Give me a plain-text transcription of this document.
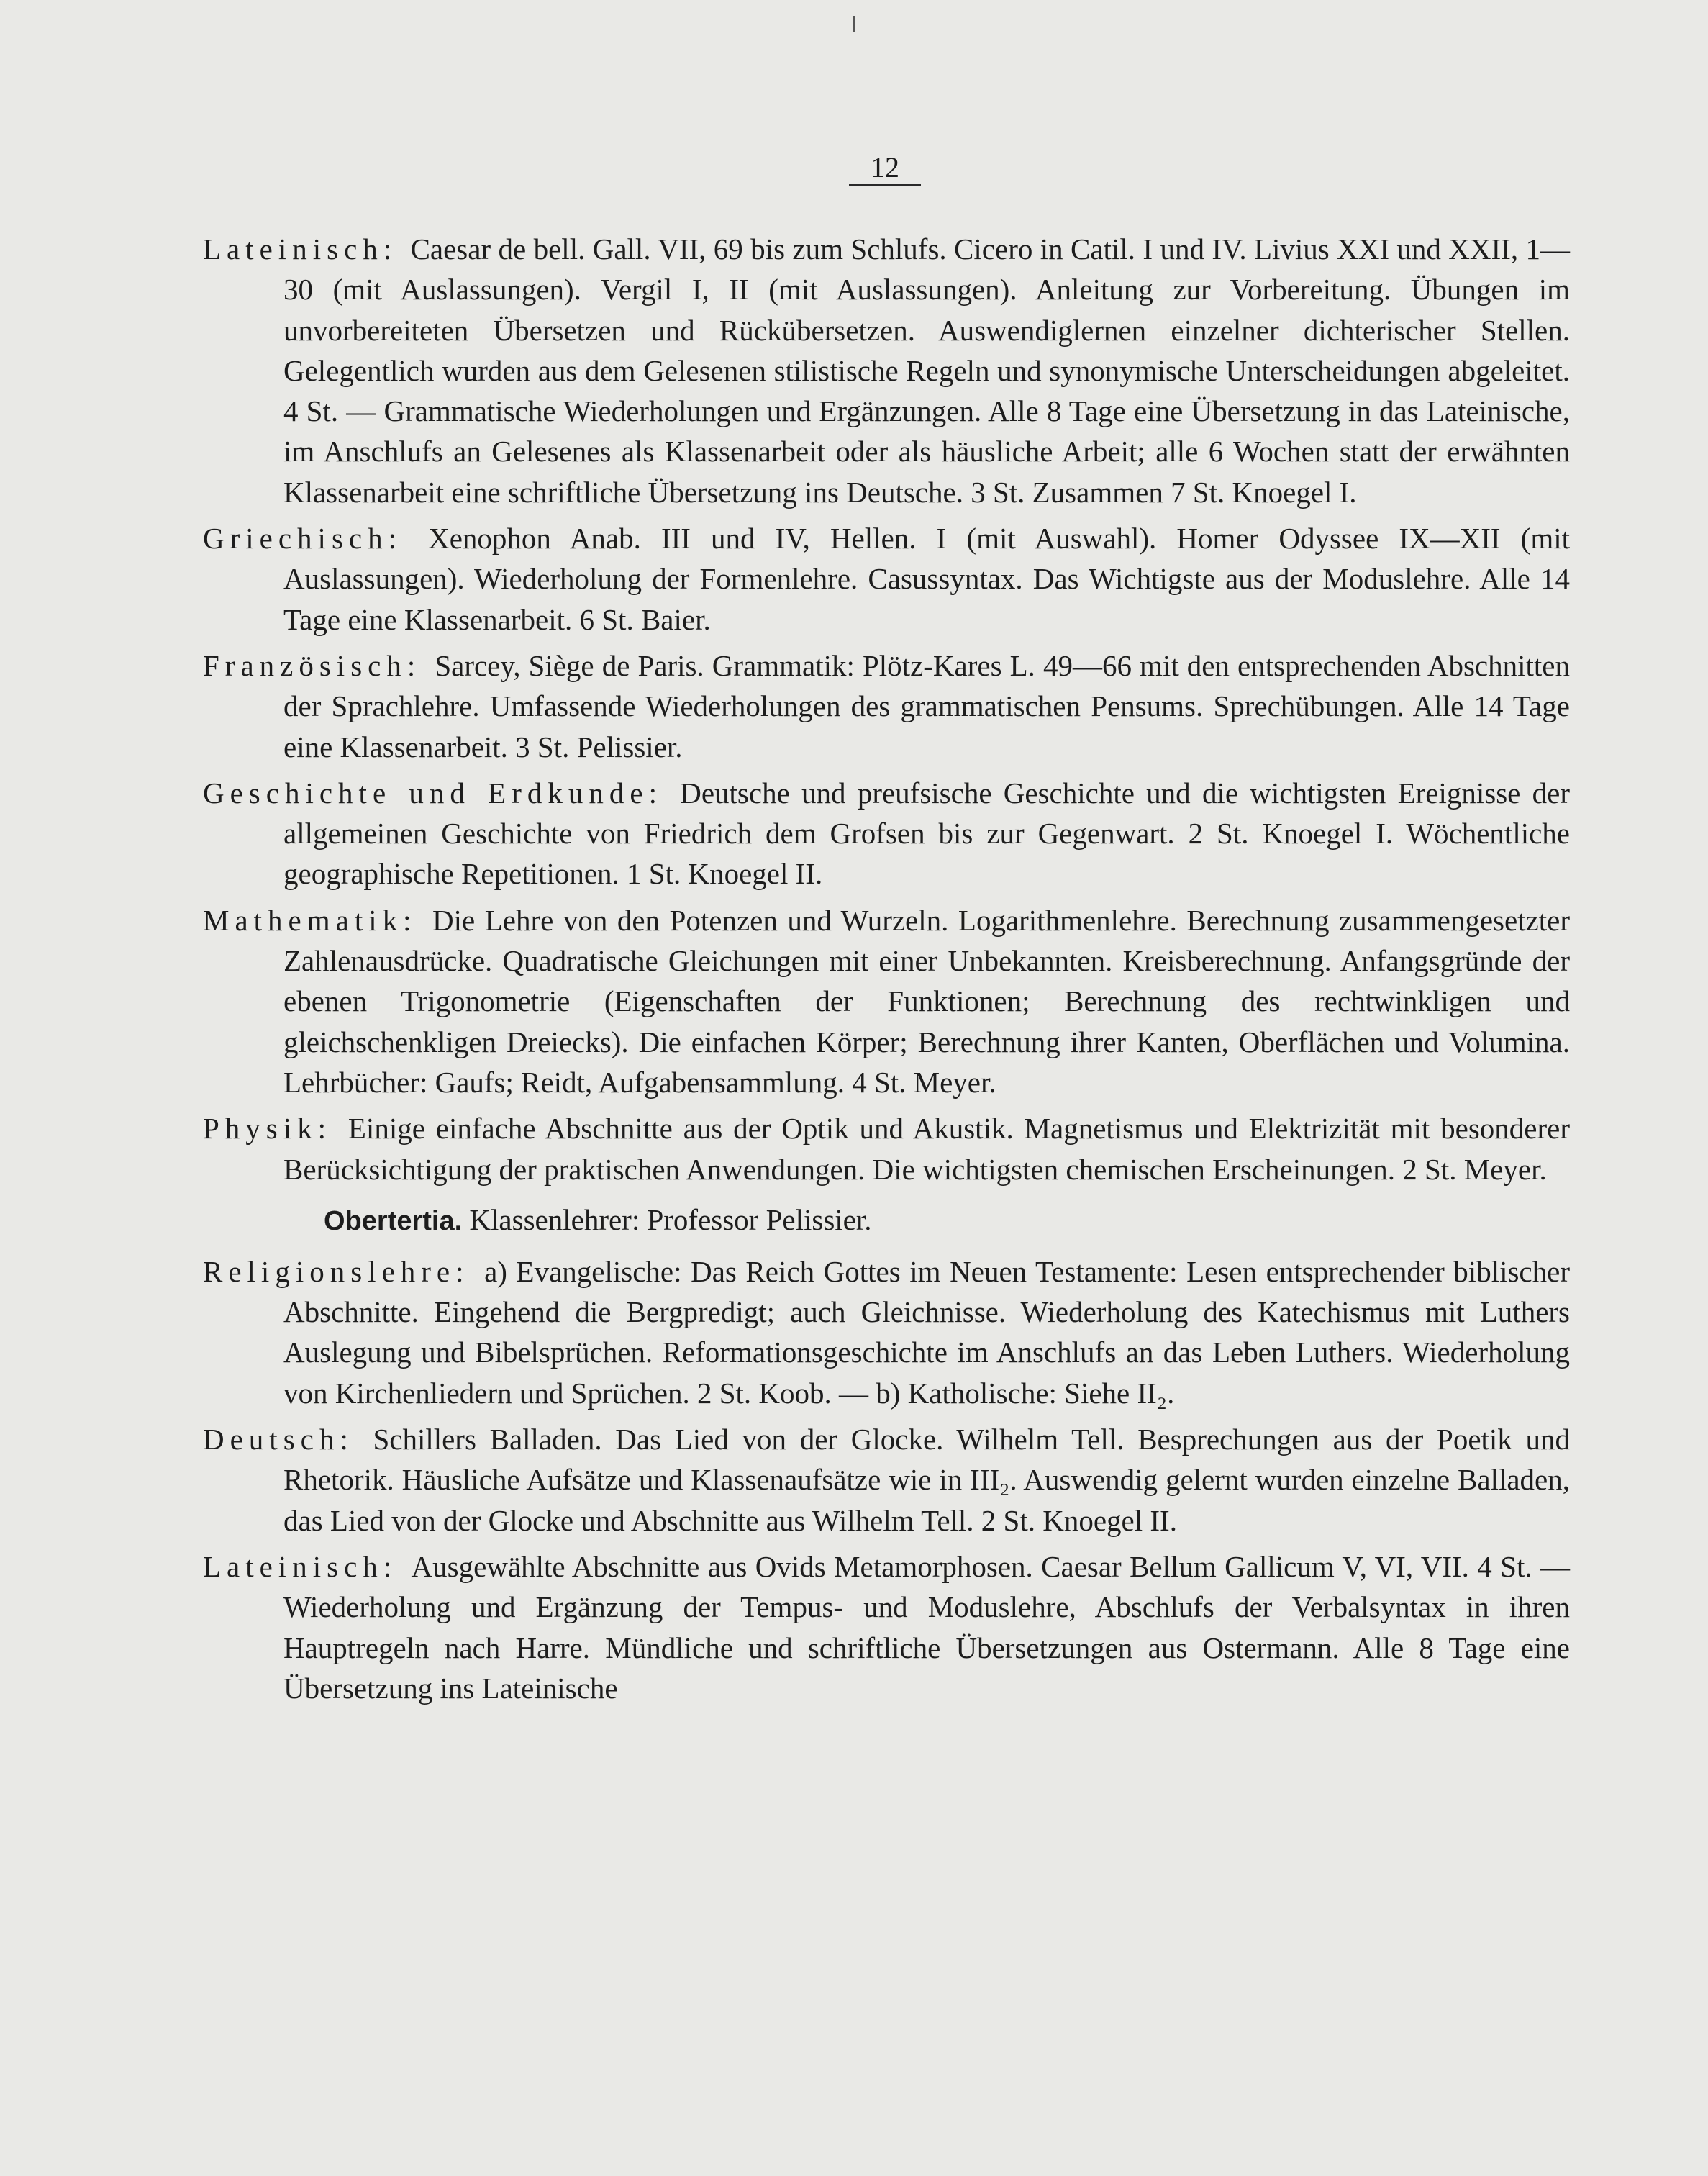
12

Lateinisch: Caesar de bell. Gall. VII, 69 bis zum Schlufs. Cicero in Catil. I und IV. Livius XXI und XXII, 1—30 (mit Auslassungen). Vergil I, II (mit Auslassungen). Anleitung zur Vorbereitung. Übungen im unvorbereiteten Übersetzen und Rückübersetzen. Auswendiglernen einzelner dichterischer Stellen. Gelegentlich wurden aus dem Gelesenen stilistische Regeln und synonymische Unterscheidungen abgeleitet. 4 St. — Grammatische Wiederholungen und Ergänzungen. Alle 8 Tage eine Übersetzung in das Lateinische, im Anschlufs an Gelesenes als Klassenarbeit oder als häusliche Arbeit; alle 6 Wochen statt der erwähnten Klassenarbeit eine schriftliche Übersetzung ins Deutsche. 3 St. Zusammen 7 St. Knoegel I.

Griechisch: Xenophon Anab. III und IV, Hellen. I (mit Auswahl). Homer Odyssee IX—XII (mit Auslassungen). Wiederholung der Formenlehre. Casussyntax. Das Wichtigste aus der Moduslehre. Alle 14 Tage eine Klassenarbeit. 6 St. Baier.

Französisch: Sarcey, Siège de Paris. Grammatik: Plötz-Kares L. 49—66 mit den entsprechenden Abschnitten der Sprachlehre. Umfassende Wiederholungen des grammatischen Pensums. Sprechübungen. Alle 14 Tage eine Klassenarbeit. 3 St. Pelissier.

Geschichte und Erdkunde: Deutsche und preufsische Geschichte und die wichtigsten Ereignisse der allgemeinen Geschichte von Friedrich dem Grofsen bis zur Gegenwart. 2 St. Knoegel I. Wöchentliche geographische Repetitionen. 1 St. Knoegel II.

Mathematik: Die Lehre von den Potenzen und Wurzeln. Logarithmenlehre. Berechnung zusammengesetzter Zahlenausdrücke. Quadratische Gleichungen mit einer Unbekannten. Kreisberechnung. Anfangsgründe der ebenen Trigonometrie (Eigenschaften der Funktionen; Berechnung des rechtwinkligen und gleichschenkligen Dreiecks). Die einfachen Körper; Berechnung ihrer Kanten, Oberflächen und Volumina. Lehrbücher: Gaufs; Reidt, Aufgabensammlung. 4 St. Meyer.

Physik: Einige einfache Abschnitte aus der Optik und Akustik. Magnetismus und Elektrizität mit besonderer Berücksichtigung der praktischen Anwendungen. Die wichtigsten chemischen Erscheinungen. 2 St. Meyer.

Obertertia. Klassenlehrer: Professor Pelissier.

Religionslehre: a) Evangelische: Das Reich Gottes im Neuen Testamente: Lesen entsprechender biblischer Abschnitte. Eingehend die Bergpredigt; auch Gleichnisse. Wiederholung des Katechismus mit Luthers Auslegung und Bibelsprüchen. Reformationsgeschichte im Anschlufs an das Leben Luthers. Wiederholung von Kirchenliedern und Sprüchen. 2 St. Koob. — b) Katholische: Siehe II₂.

Deutsch: Schillers Balladen. Das Lied von der Glocke. Wilhelm Tell. Besprechungen aus der Poetik und Rhetorik. Häusliche Aufsätze und Klassenaufsätze wie in III₂. Auswendig gelernt wurden einzelne Balladen, das Lied von der Glocke und Abschnitte aus Wilhelm Tell. 2 St. Knoegel II.

Lateinisch: Ausgewählte Abschnitte aus Ovids Metamorphosen. Caesar Bellum Gallicum V, VI, VII. 4 St. — Wiederholung und Ergänzung der Tempus- und Moduslehre, Abschlufs der Verbalsyntax in ihren Hauptregeln nach Harre. Mündliche und schriftliche Übersetzungen aus Ostermann. Alle 8 Tage eine Übersetzung ins Lateinische
